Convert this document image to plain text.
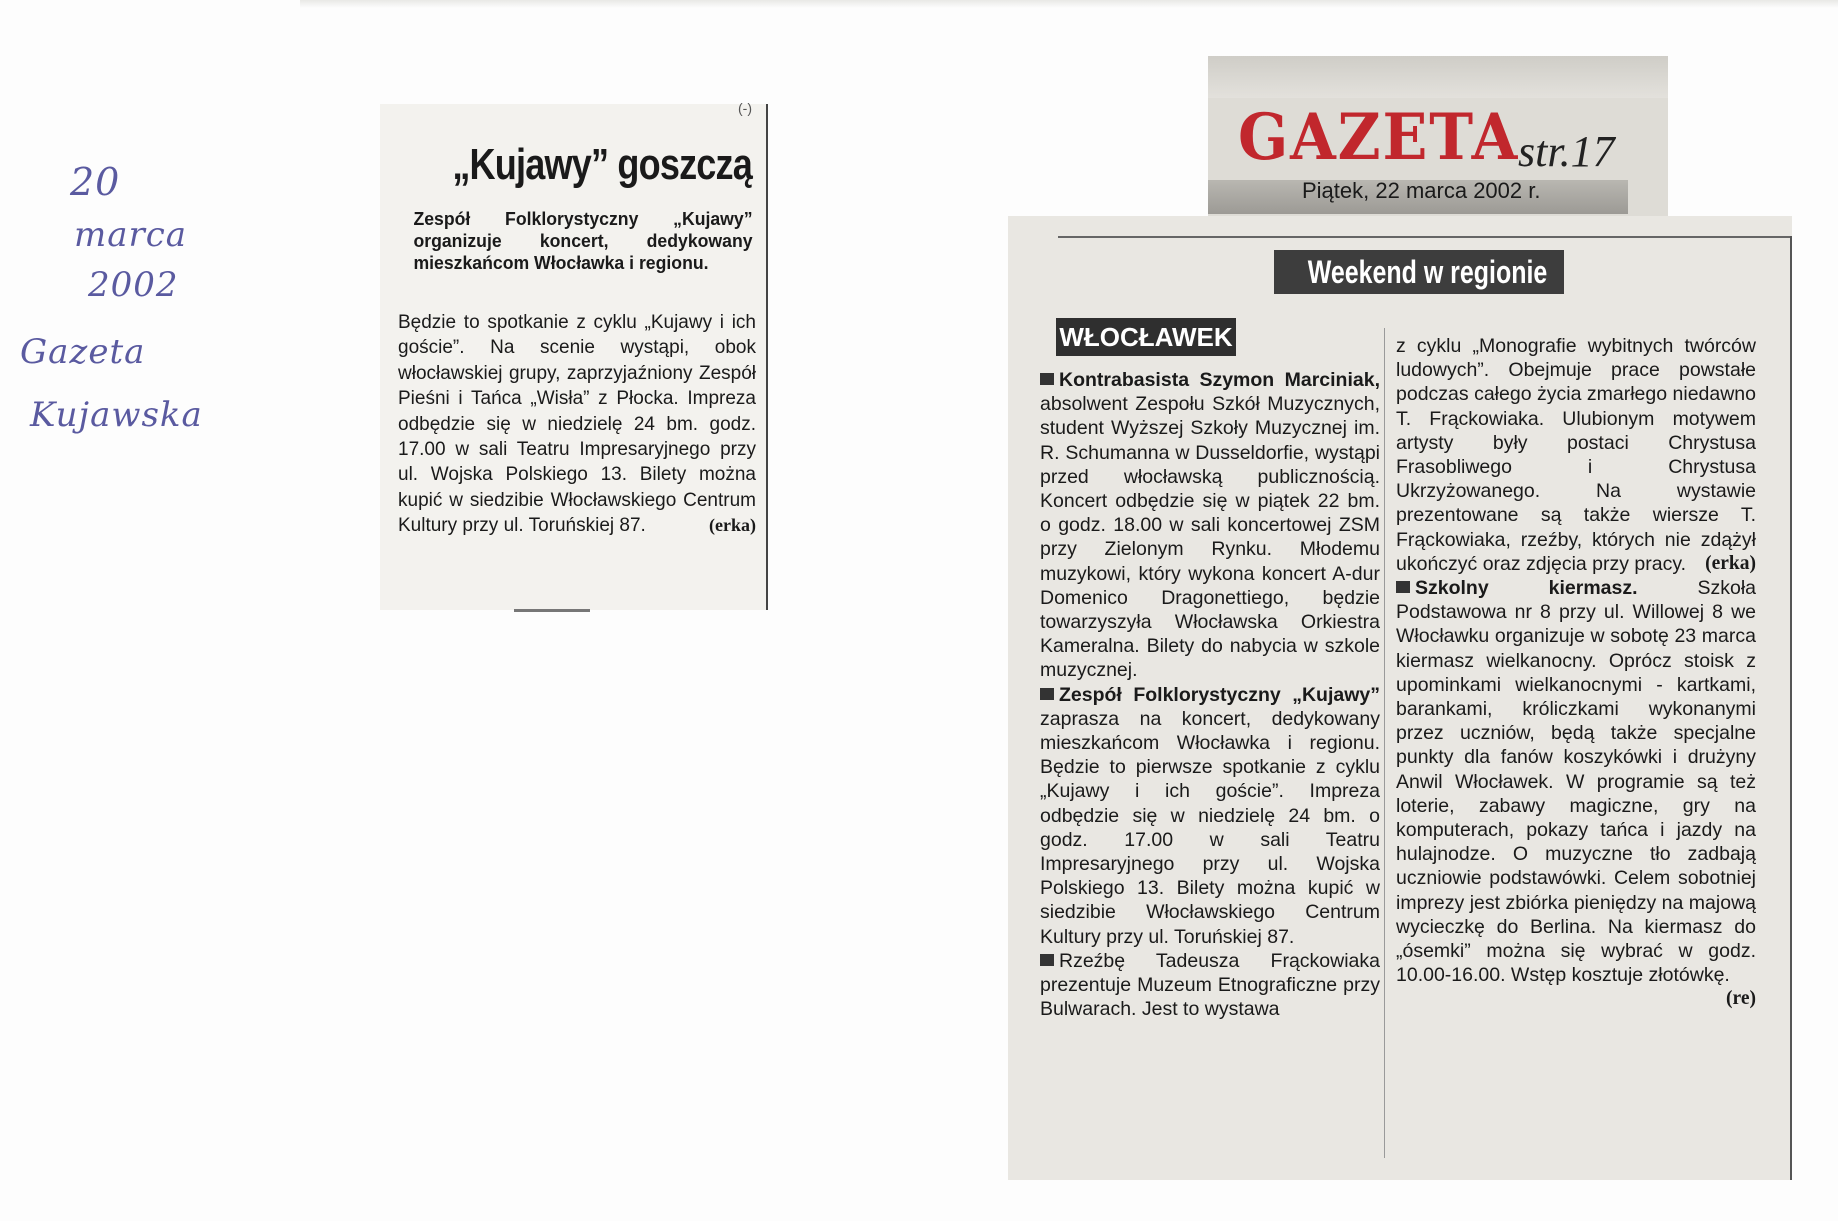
20
marca
2002
Gazeta
Kujawska
(-)
„Kujawy” goszczą
Zespół Folklorystyczny „Kujawy” organizuje koncert, dedykowany mieszkańcom Włocławka i regionu.
Będzie to spotkanie z cyklu „Kujawy i ich goście”. Na scenie wystąpi, obok włocławskiej grupy, zaprzyjaźniony Zespół Pieśni i Tańca „Wisła” z Płocka. Impreza odbędzie się w niedzielę 24 bm. godz. 17.00 w sali Teatru Impresaryjnego przy ul. Wojska Polskiego 13. Bilety można kupić w siedzibie Włocławskiego Centrum Kultury przy ul. Toruńskiej 87.	(erka)
GAZETA
str.17
Piątek, 22 marca 2002 r.
Weekend w regionie
WŁOCŁAWEK

Kontrabasista Szymon Marciniak, absolwent Zespołu Szkół Muzycznych, student Wyższej Szkoły Muzycznej im. R. Schumanna w Dusseldorfie, wystąpi przed włocławską publicznością. Koncert odbędzie się w piątek 22 bm. o godz. 18.00 w sali koncertowej ZSM przy Zielonym Rynku. Młodemu muzykowi, który wykona koncert A-dur Domenico Dragonettiego, będzie towarzyszyła Włocławska Orkiestra Kameralna. Bilety do nabycia w szkole muzycznej.

Zespół Folklorystyczny „Kujawy” zaprasza na koncert, dedykowany mieszkańcom Włocławka i regionu. Będzie to pierwsze spotkanie z cyklu „Kujawy i ich goście”. Impreza odbędzie się w niedzielę 24 bm. o godz. 17.00 w sali Teatru Impresaryjnego przy ul. Wojska Polskiego 13. Bilety można kupić w siedzibie Włocławskiego Centrum Kultury przy ul. Toruńskiej 87.

Rzeźbę Tadeusza Frąckowiaka prezentuje Muzeum Etnograficzne przy Bulwarach. Jest to wystawa

z cyklu „Monografie wybitnych twórców ludowych”. Obejmuje prace powstałe podczas całego życia zmarłego niedawno T. Frąckowiaka. Ulubionym motywem artysty były postaci Chrystusa Frasobliwego i Chrystusa Ukrzyżowanego. Na wystawie prezentowane są także wiersze T. Frąckowiaka, rzeźby, których nie zdążył ukończyć oraz zdjęcia przy pracy. (erka)

Szkolny kiermasz.	Szkoła Podstawowa nr 8 przy ul. Willowej 8 we Włocławku organizuje w sobotę 23 marca kiermasz wielkanocny. Oprócz stoisk z upominkami wielkanocnymi - kartkami, barankami, króliczkami wykonanymi przez uczniów, będą także specjalne punkty dla fanów koszykówki i drużyny Anwil Włocławek. W programie są też loterie, zabawy magiczne, gry na komputerach, pokazy tańca i jazdy na hulajnodze. O muzyczne tło zadbają uczniowie podstawówki. Celem sobotniej imprezy jest zbiórka pieniędzy na majową wycieczkę do Berlina. Na kiermasz do „ósemki” można się wybrać w godz. 10.00-16.00. Wstęp kosztuje złotówkę.
(re)
